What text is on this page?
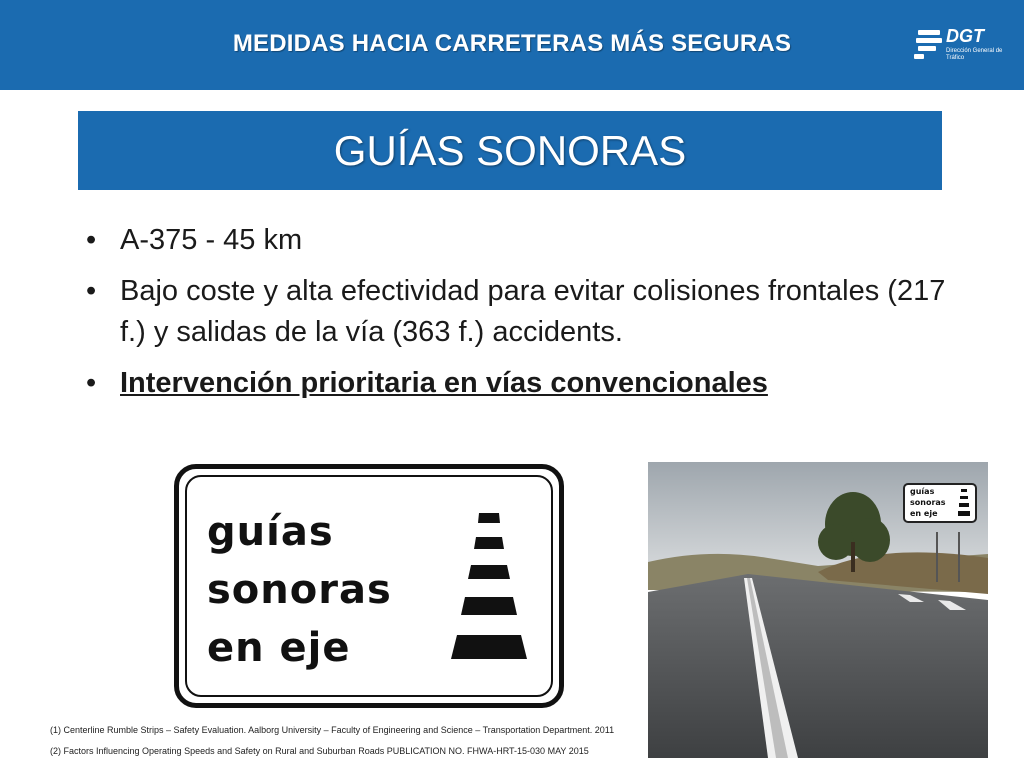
MEDIDAS HACIA CARRETERAS MÁS SEGURAS	DGT
Dirección General de Tráfico
GUÍAS SONORAS
• A-375 - 45 km
• Bajo coste y alta efectividad para evitar colisiones frontales (217 f.) y salidas de la vía (363 f.) accidents.
• Intervención prioritaria en vías convencionales
guías
sonoras
en eje
guías
sonoras
en eje
(1) Centerline Rumble Strips – Safety Evaluation. Aalborg University – Faculty of Engineering and Science – Transportation Department. 2011
(2) Factors Influencing Operating Speeds and Safety on Rural and Suburban Roads PUBLICATION NO. FHWA-HRT-15-030 MAY 2015
